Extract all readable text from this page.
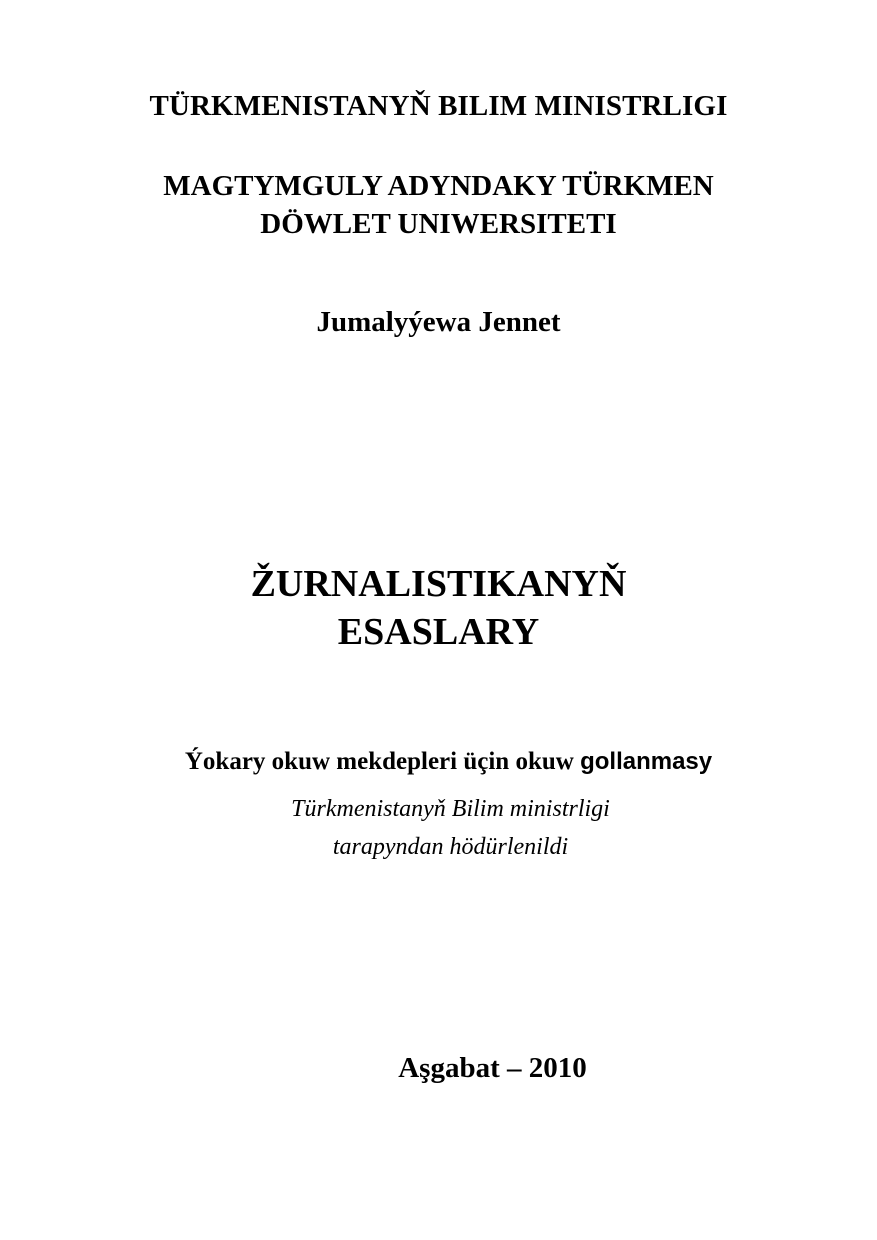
TÜRKMENISTANYŇ BILIM MINISTRLIGI
MAGTYMGULY ADYNDAKY TÜRKMEN
DÖWLET UNIWERSITETI
Jumalyýewa Jennet
ŽURNALISTIKANYŇ
ESASLARY
Ýokary okuw mekdepleri üçin okuw gollanmasy
Türkmenistanyň Bilim ministrligi
tarapyndan hödürlenildi
Aşgabat – 2010
